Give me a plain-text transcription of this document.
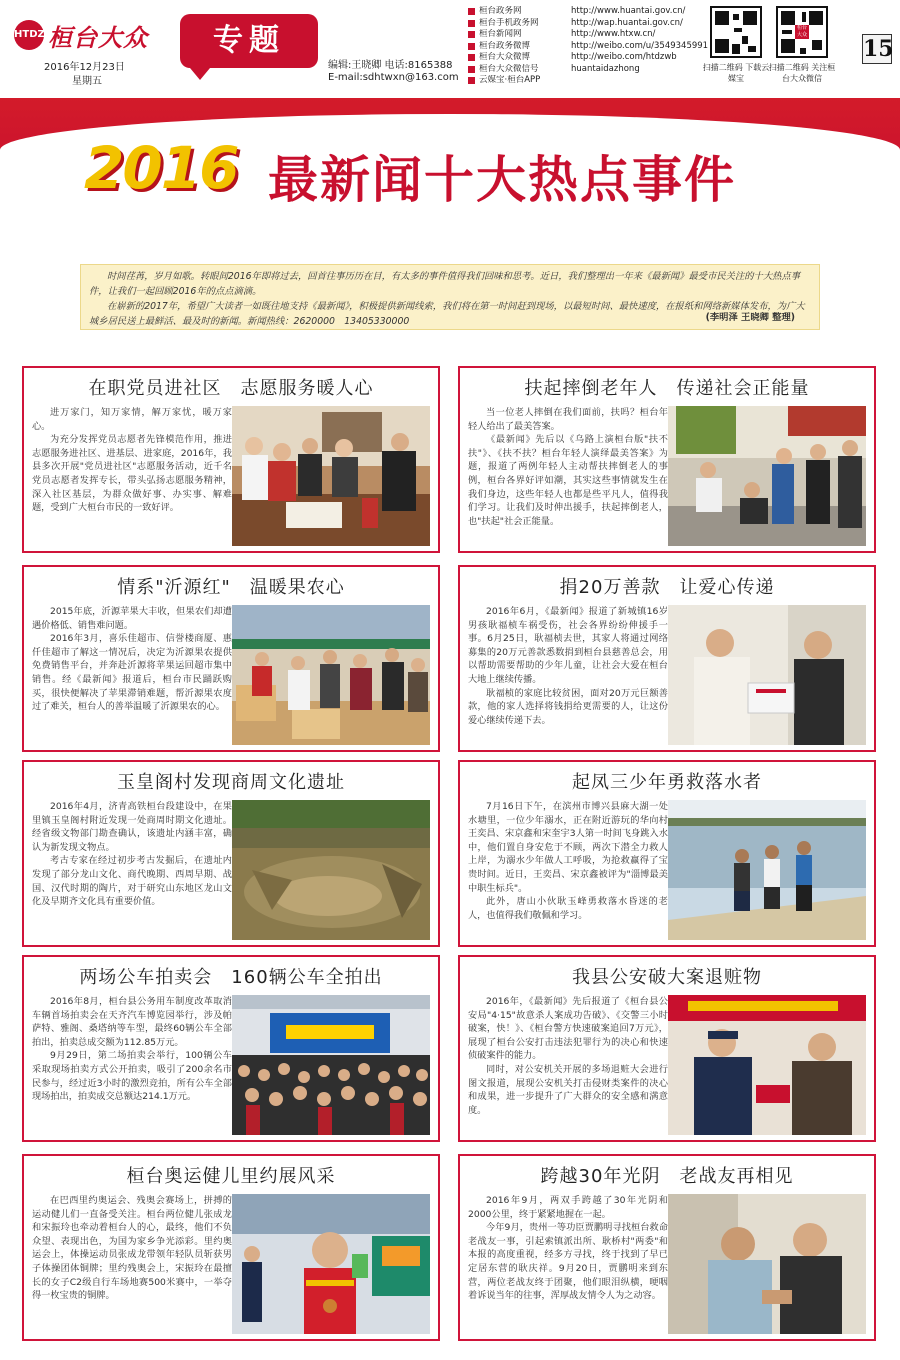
HTDZ 桓台大众
2016年12月23日
星期五
专题
编辑:王晓卿 电话:8165388
E-mail:sdhtwxn@163.com
桓台政务网	http://www.huantai.gov.cn/
桓台手机政务网	http://wap.huantai.gov.cn/
桓台新闻网	http://www.htxw.cn/
桓台政务微博	http://weibo.com/u/3549345991
桓台大众微博	http://weibo.com/htdzwb
桓台大众微信号	huantaidazhong
云媒宝·桓台APP
扫描二维码 下载云媒宝
桓台大众
扫描二维码 关注桓台大众微信
15
2016 最新闻十大热点事件

时间荏苒，岁月如歌。转眼间2016年即将过去，回首往事历历在目，有太多的事件值得我们回味和思考。近日，我们整理出一年来《最新闻》最受市民关注的十大热点事件，让我们一起回顾2016年的点点滴滴。

在崭新的2017年，希望广大读者一如既往地支持《最新闻》，积极提供新闻线索，我们将在第一时间赶到现场，以最短时间、最快速度，在报纸和网络新媒体发布，为广大城乡居民送上最鲜活、最及时的新闻。新闻热线：2620000　13405330000	(李明泽 王晓卿 整理)
在职党员进社区　志愿服务暖人心

进万家门，知万家情，解万家忧，暖万家心。

为充分发挥党员志愿者先锋模范作用，推进志愿服务进社区、进基层、进家庭，2016年，我县多次开展"党员进社区"志愿服务活动，近千名党员志愿者发挥专长，带头弘扬志愿服务精神，深入社区基层，为群众做好事、办实事、解难题，受到广大桓台市民的一致好评。

扶起摔倒老年人　传递社会正能量

当一位老人摔倒在我们面前，扶吗？桓台年轻人给出了最美答案。

《最新闻》先后以《乌路上演桓台版"扶不扶"》、《扶不扶？桓台年轻人演绎最美答案》为题，报道了两例年轻人主动帮扶摔倒老人的事例，桓台各界好评如潮，其实这些事情就发生在我们身边，这些年轻人也都是些平凡人，值得我们学习。让我们及时伸出援手，扶起摔倒老人，也"扶起"社会正能量。

情系"沂源红"　温暖果农心

2015年底，沂源苹果大丰收，但果农们却遭遇价格低、销售难问题。

2016年3月，喜乐佳超市、信誉楼商厦、惠仟佳超市了解这一情况后，决定为沂源果农提供免费销售平台，并奔赴沂源将苹果运回超市集中销售。经《最新闻》报道后，桓台市民踊跃购买，很快便解决了苹果滞销难题，帮沂源果农度过了难关，桓台人的善举温暖了沂源果农的心。

捐20万善款　让爱心传递

2016年6月，《最新闻》报道了新城镇16岁男孩耿福桢车祸受伤，社会各界纷纷伸援手一事。6月25日，耿福桢去世，其家人将通过网络募集的20万元善款悉数捐到桓台县慈善总会，用以帮助需要帮助的少年儿童，让社会大爱在桓台大地上继续传播。

耿福桢的家庭比较贫困，面对20万元巨额善款，他的家人选择将钱捐给更需要的人，让这份爱心继续传递下去。

玉皇阁村发现商周文化遗址

2016年4月，济青高铁桓台段建设中，在果里镇玉皇阁村附近发现一处商周时期文化遗址。经省级文物部门勘查确认，该遗址内涵丰富，确认为新发现文物点。

考古专家在经过初步考古发掘后，在遗址内发现了部分龙山文化、商代晚期、西周早期、战国、汉代时期的陶片，对于研究山东地区龙山文化及早期齐文化具有重要价值。

起凤三少年勇救落水者

7月16日下午，在滨州市博兴县麻大湖一处水塘里，一位少年溺水，正在附近游玩的华向村王奕昌、宋京鑫和宋奎宇3人第一时间飞身跳入水中，他们置自身安危于不顾，两次下潜全力救人上岸，为溺水少年做人工呼吸，为抢救赢得了宝贵时间。近日，王奕昌、宋京鑫被评为"淄博最美中职生标兵"。

此外，唐山小伙耿玉峰勇救落水昏迷的老人，也值得我们敬佩和学习。

两场公车拍卖会　160辆公车全拍出

2016年8月，桓台县公务用车制度改革取消车辆首场拍卖会在天齐汽车博览园举行，涉及帕萨特、雅阁、桑塔纳等车型，最终60辆公车全部拍出，拍卖总成交额为112.85万元。

9月29日，第二场拍卖会举行，100辆公车采取现场拍卖方式公开拍卖，吸引了200余名市民参与，经过近3小时的激烈竞拍，所有公车全部现场拍出，拍卖成交总额达214.1万元。

我县公安破大案退赃物

2016年，《最新闻》先后报道了《桓台县公安局"4·15"故意杀人案成功告破》、《交警三小时破案，快！》、《桓台警方快速破案追回7万元》，展现了桓台公安打击违法犯罪行为的决心和快速侦破案件的能力。

同时，对公安机关开展的多场退赃大会进行图文报道，展现公安机关打击侵财类案件的决心和成果，进一步提升了广大群众的安全感和满意度。

桓台奥运健儿里约展风采

在巴西里约奥运会、残奥会赛场上，拼搏的运动健儿们一直备受关注。桓台两位健儿张成龙和宋振玲也牵动着桓台人的心，最终，他们不负众望、表现出色，为国为家乡争光添彩。里约奥运会上，体操运动员张成龙带领年轻队员斩获男子体操团体铜牌；里约残奥会上，宋振玲在最擅长的女子C2级自行车场地赛500米赛中，一举夺得一枚宝贵的铜牌。

跨越30年光阴　老战友再相见

2016年9月，两双手跨越了30年光阴和2000公里，终于紧紧地握在一起。

今年9月，贵州一等功臣贾鹏明寻找桓台救命老战友一事，引起索镇派出所、耿桥村"两委"和本报的高度重视，经多方寻找，终于找到了早已定居东营的耿庆祥。9月20日，贾鹏明来到东营，两位老战友终于团聚，他们眼泪纵横，哽咽着诉说当年的往事，浑厚战友情令人为之动容。
